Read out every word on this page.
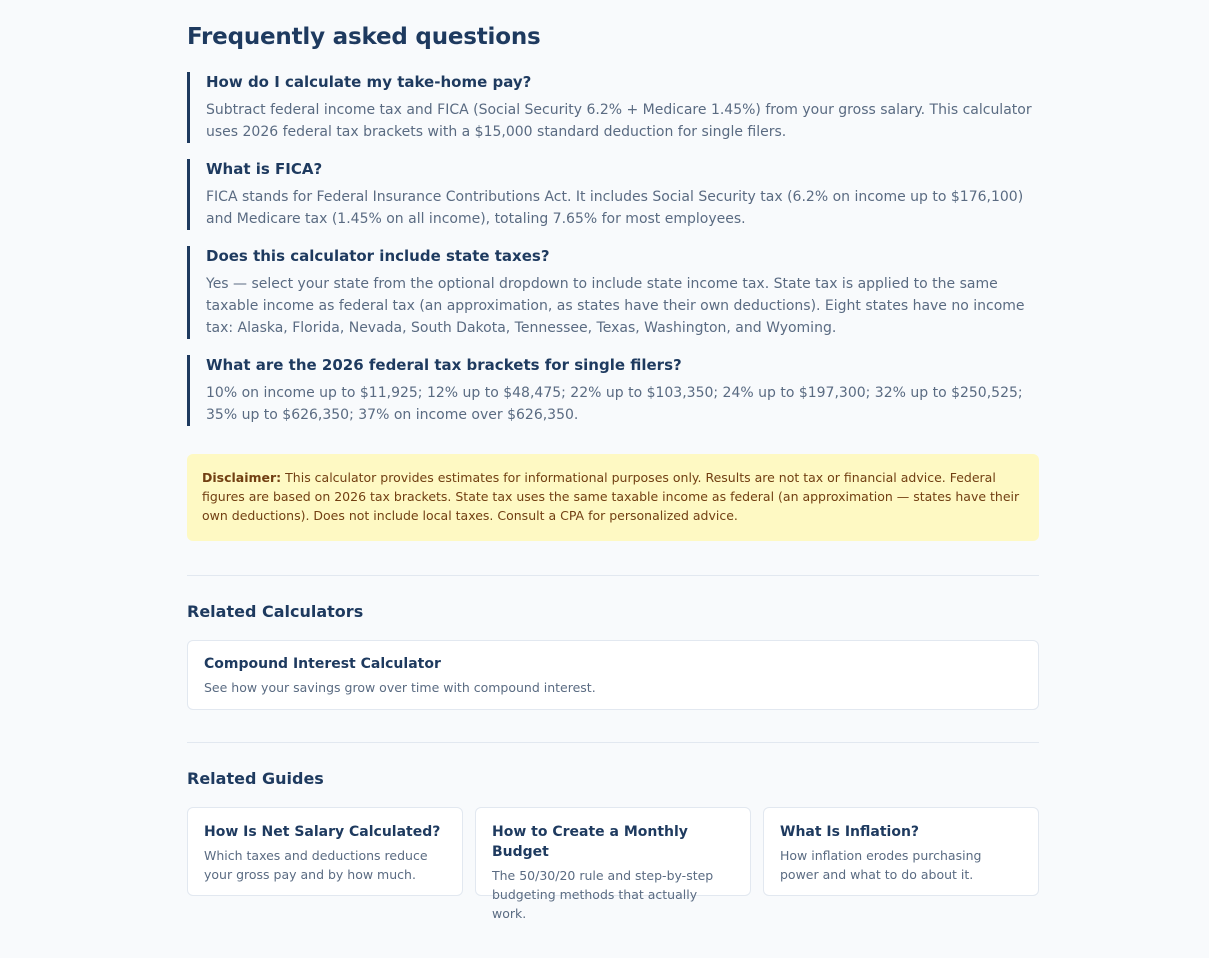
Frequently asked questions
How do I calculate my take-home pay?
Subtract federal income tax and FICA (Social Security 6.2% + Medicare 1.45%) from your gross salary. This calculator uses 2026 federal tax brackets with a $15,000 standard deduction for single filers.
What is FICA?
FICA stands for Federal Insurance Contributions Act. It includes Social Security tax (6.2% on income up to $176,100) and Medicare tax (1.45% on all income), totaling 7.65% for most employees.
Does this calculator include state taxes?
Yes — select your state from the optional dropdown to include state income tax. State tax is applied to the same taxable income as federal tax (an approximation, as states have their own deductions). Eight states have no income tax: Alaska, Florida, Nevada, South Dakota, Tennessee, Texas, Washington, and Wyoming.
What are the 2026 federal tax brackets for single filers?
10% on income up to $11,925; 12% up to $48,475; 22% up to $103,350; 24% up to $197,300; 32% up to $250,525; 35% up to $626,350; 37% on income over $626,350.
Disclaimer: This calculator provides estimates for informational purposes only. Results are not tax or financial advice. Federal figures are based on 2026 tax brackets. State tax uses the same taxable income as federal (an approximation — states have their own deductions). Does not include local taxes. Consult a CPA for personalized advice.
Related Calculators
Compound Interest Calculator
See how your savings grow over time with compound interest.
Related Guides
How Is Net Salary Calculated?
Which taxes and deductions reduce your gross pay and by how much.
How to Create a Monthly Budget
The 50/30/20 rule and step-by-step budgeting methods that actually work.
What Is Inflation?
How inflation erodes purchasing power and what to do about it.
